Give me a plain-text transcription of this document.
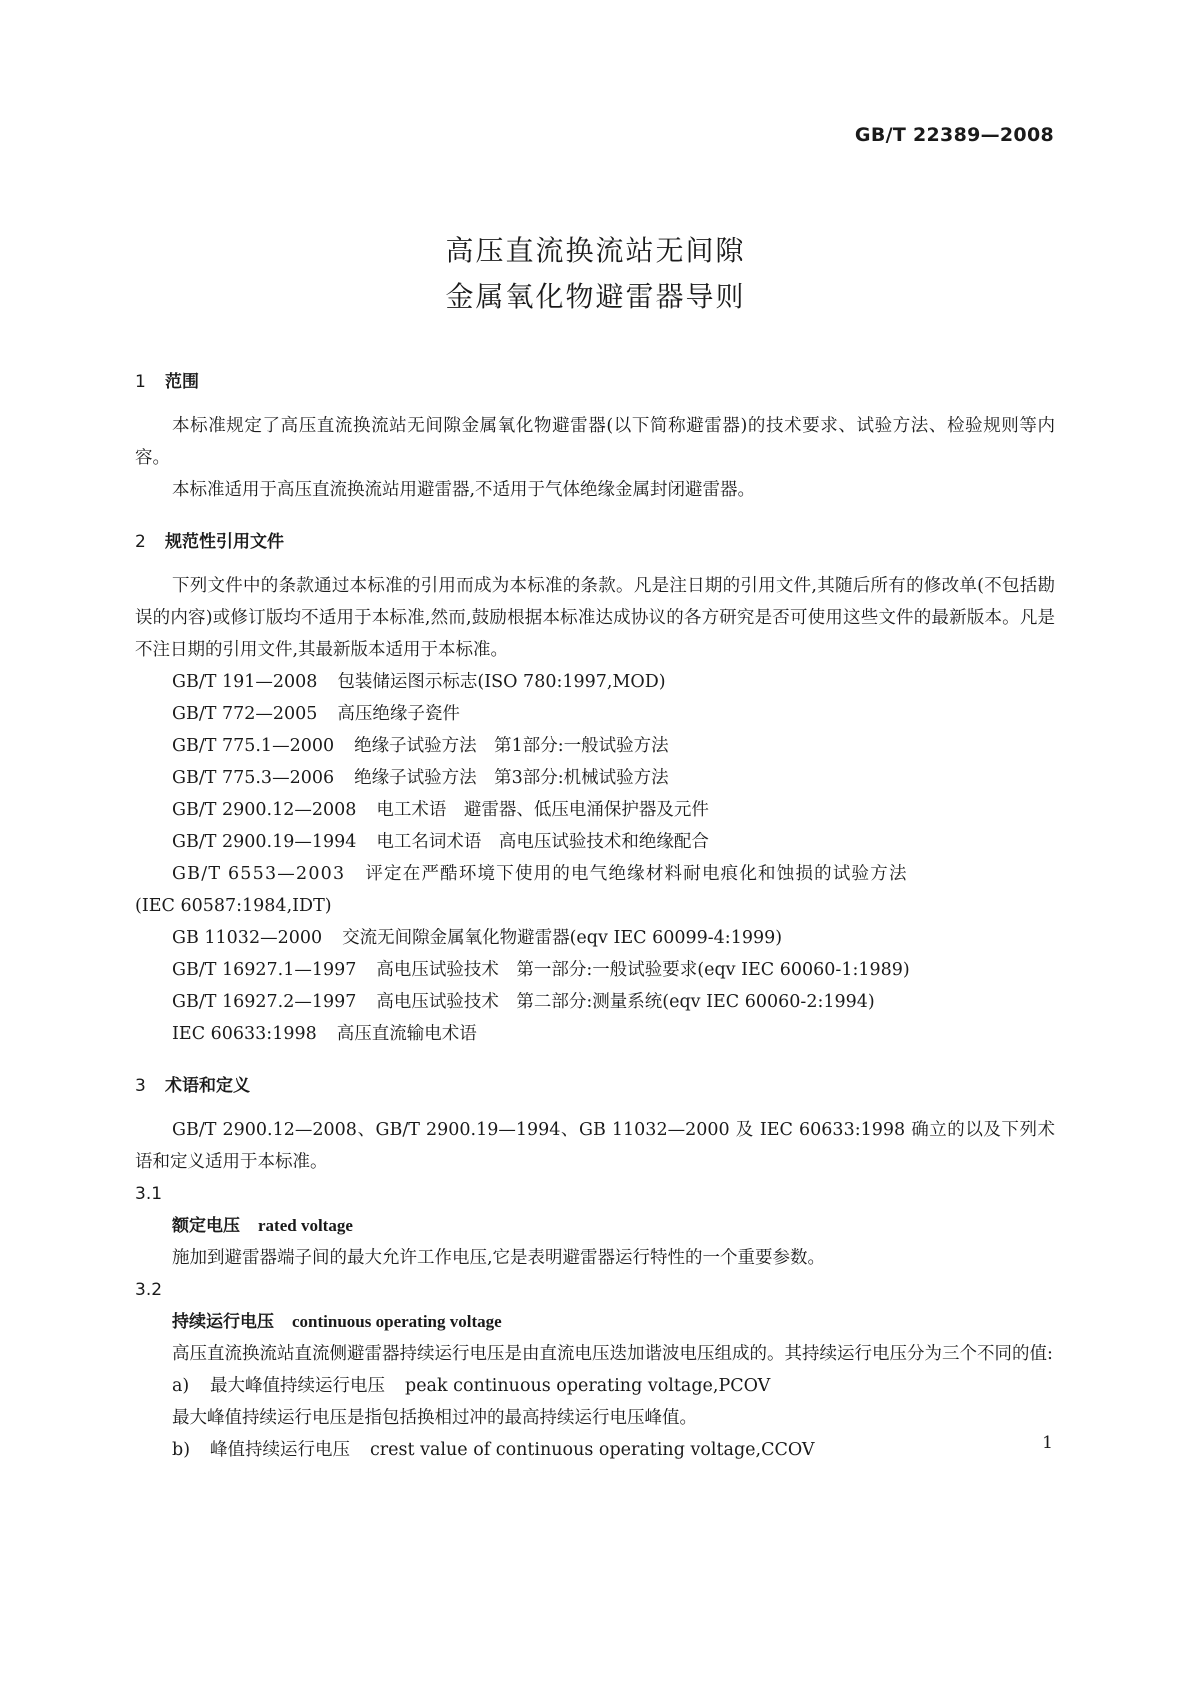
GB/T 22389—2008
高压直流换流站无间隙
金属氧化物避雷器导则
1 范围

本标准规定了高压直流换流站无间隙金属氧化物避雷器(以下简称避雷器)的技术要求、试验方法、检验规则等内容。

本标准适用于高压直流换流站用避雷器,不适用于气体绝缘金属封闭避雷器。

2 规范性引用文件

下列文件中的条款通过本标准的引用而成为本标准的条款。凡是注日期的引用文件,其随后所有的修改单(不包括勘误的内容)或修订版均不适用于本标准,然而,鼓励根据本标准达成协议的各方研究是否可使用这些文件的最新版本。凡是不注日期的引用文件,其最新版本适用于本标准。

GB/T 191—2008 包装储运图示标志(ISO 780:1997,MOD)

GB/T 772—2005 高压绝缘子瓷件

GB/T 775.1—2000 绝缘子试验方法　第1部分:一般试验方法

GB/T 775.3—2006 绝缘子试验方法　第3部分:机械试验方法

GB/T 2900.12—2008 电工术语　避雷器、低压电涌保护器及元件

GB/T 2900.19—1994 电工名词术语　高电压试验技术和绝缘配合

GB/T 6553—2003 评定在严酷环境下使用的电气绝缘材料耐电痕化和蚀损的试验方法

(IEC 60587:1984,IDT)

GB 11032—2000 交流无间隙金属氧化物避雷器(eqv IEC 60099-4:1999)

GB/T 16927.1—1997 高电压试验技术　第一部分:一般试验要求(eqv IEC 60060-1:1989)

GB/T 16927.2—1997 高电压试验技术　第二部分:测量系统(eqv IEC 60060-2:1994)

IEC 60633:1998 高压直流输电术语

3 术语和定义

GB/T 2900.12—2008、GB/T 2900.19—1994、GB 11032—2000 及 IEC 60633:1998 确立的以及下列术语和定义适用于本标准。

3.1
额定电压 rated voltage

施加到避雷器端子间的最大允许工作电压,它是表明避雷器运行特性的一个重要参数。

3.2
持续运行电压 continuous operating voltage

高压直流换流站直流侧避雷器持续运行电压是由直流电压迭加谐波电压组成的。其持续运行电压分为三个不同的值:

a) 最大峰值持续运行电压 peak continuous operating voltage,PCOV

最大峰值持续运行电压是指包括换相过冲的最高持续运行电压峰值。

b) 峰值持续运行电压 crest value of continuous operating voltage,CCOV	1
